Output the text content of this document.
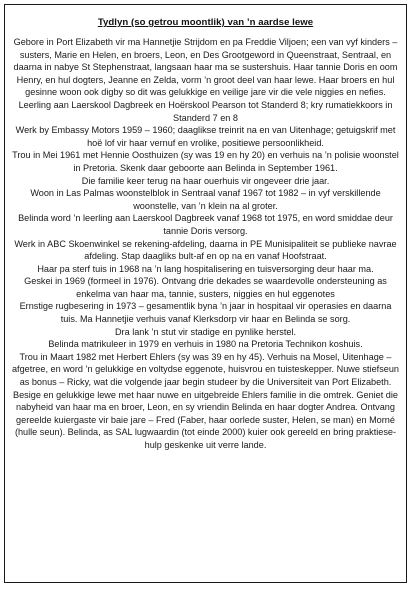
Tydlyn (so getrou moontlik) van ’n aardse lewe

Gebore in Port Elizabeth vir ma Hannetjie Strijdom en pa Freddie Viljoen; een van vyf kinders – susters, Marie en Helen, en broers, Leon, en Des Grootgeword in Queenstraat, Sentraal, en daarna in nabye St Stephenstraat, langsaan haar ma se sustershuis. Haar tannie Doris en oom Henry, en hul dogters, Jeanne en Zelda, vorm ’n groot deel van haar lewe. Haar broers en hul gesinne woon ook digby so dit was gelukkige en veilige jare vir die vele niggies en nefies.

Leerling aan Laerskool Dagbreek en Hoërskool Pearson tot Standerd 8; kry rumatiekkoors in Standerd 7 en 8

Werk by Embassy Motors 1959 – 1960; daaglikse treinrit na en van Uitenhage; getuigskrif met hoë lof vir haar vernuf en vrolike, positiewe persoonlikheid.

Trou in Mei 1961 met Hennie Oosthuizen (sy was 19 en hy 20) en verhuis na ’n polisie woonstel in Pretoria. Skenk daar geboorte aan Belinda in September 1961.

Die familie keer terug na haar ouerhuis vir ongeveer drie jaar.

Woon in Las Palmas woonstelblok in Sentraal vanaf 1967 tot 1982 – in vyf verskillende woonstelle, van ’n klein na al groter.

Belinda word ’n leerling aan Laerskool Dagbreek vanaf 1968 tot 1975, en word smiddae deur tannie Doris versorg.

Werk in ABC Skoenwinkel se rekening-afdeling, daarna in PE Munisipaliteit se publieke navrae afdeling. Stap daagliks bult-af en op na en vanaf Hoofstraat.

Haar pa sterf tuis in 1968 na ’n lang hospitalisering en tuisversorging deur haar ma.

Geskei in 1969 (formeel in 1976). Ontvang drie dekades se waardevolle ondersteuning as enkelma van haar ma, tannie, susters, niggies en hul eggenotes

Ernstige rugbesering in 1973 – gesamentlik byna ’n jaar in hospitaal vir operasies en daarna tuis. Ma Hannetjie verhuis vanaf Klerksdorp vir haar en Belinda se sorg.

Dra lank ’n stut vir stadige en pynlike herstel.

Belinda matrikuleer in 1979 en verhuis in 1980 na Pretoria Technikon koshuis.

Trou in Maart 1982 met Herbert Ehlers (sy was 39 en hy 45). Verhuis na Mosel, Uitenhage – afgetree, en word ’n gelukkige en voltydse eggenote, huisvrou en tuisteskepper. Nuwe stiefseun as bonus – Ricky, wat die volgende jaar begin studeer by die Universiteit van Port Elizabeth.

Besige en gelukkige lewe met haar nuwe en uitgebreide Ehlers familie in die omtrek. Geniet die nabyheid van haar ma en broer, Leon, en sy vriendin Belinda en haar dogter Andrea. Ontvang gereelde kuiergaste vir baie jare – Fred (Faber, haar oorlede suster, Helen, se man) en Morné (hulle seun). Belinda, as SAL lugwaardin (tot einde 2000) kuier ook gereeld en bring praktiese-hulp geskenke uit verre lande.
